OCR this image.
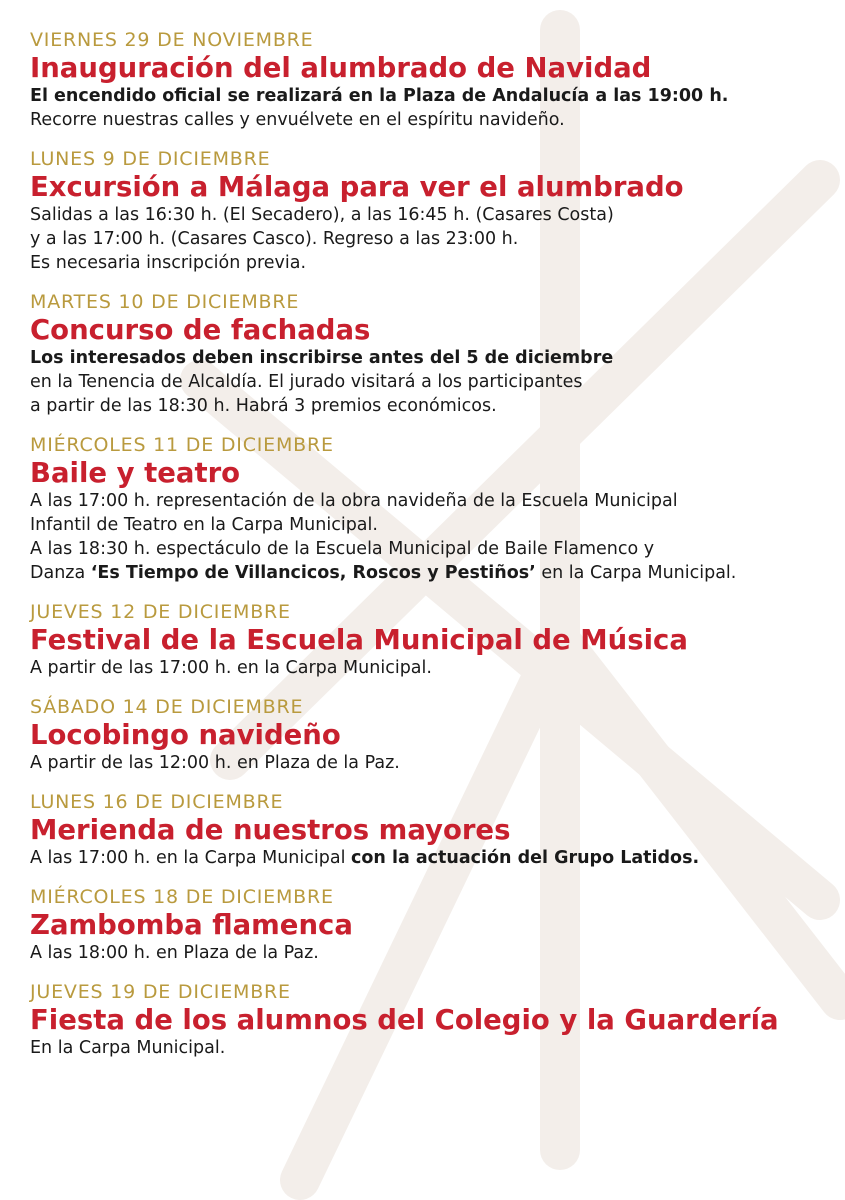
VIERNES 29 DE NOVIEMBRE
Inauguración del alumbrado de Navidad
El encendido oficial se realizará en la Plaza de Andalucía a las 19:00 h.
Recorre nuestras calles y envuélvete en el espíritu navideño.
LUNES 9 DE DICIEMBRE
Excursión a Málaga para ver el alumbrado
Salidas a las 16:30 h. (El Secadero), a las 16:45 h. (Casares Costa)
y a las 17:00 h. (Casares Casco). Regreso a las 23:00 h.
Es necesaria inscripción previa.
MARTES 10 DE DICIEMBRE
Concurso de fachadas
Los interesados deben inscribirse antes del 5 de diciembre
en la Tenencia de Alcaldía. El jurado visitará a los participantes
a partir de las 18:30 h. Habrá 3 premios económicos.
MIÉRCOLES 11 DE DICIEMBRE
Baile y teatro
A las 17:00 h. representación de la obra navideña de la Escuela Municipal
Infantil de Teatro en la Carpa Municipal.
A las 18:30 h. espectáculo de la Escuela Municipal de Baile Flamenco y
Danza ‘Es Tiempo de Villancicos, Roscos y Pestiños’ en la Carpa Municipal.
JUEVES 12 DE DICIEMBRE
Festival de la Escuela Municipal de Música
A partir de las 17:00 h. en la Carpa Municipal.
SÁBADO 14 DE DICIEMBRE
Locobingo navideño
A partir de las 12:00 h. en Plaza de la Paz.
LUNES 16 DE DICIEMBRE
Merienda de nuestros mayores
A las 17:00 h. en la Carpa Municipal con la actuación del Grupo Latidos.
MIÉRCOLES 18 DE DICIEMBRE
Zambomba flamenca
A las 18:00 h. en Plaza de la Paz.
JUEVES 19 DE DICIEMBRE
Fiesta de los alumnos del Colegio y la Guardería
En la Carpa Municipal.
